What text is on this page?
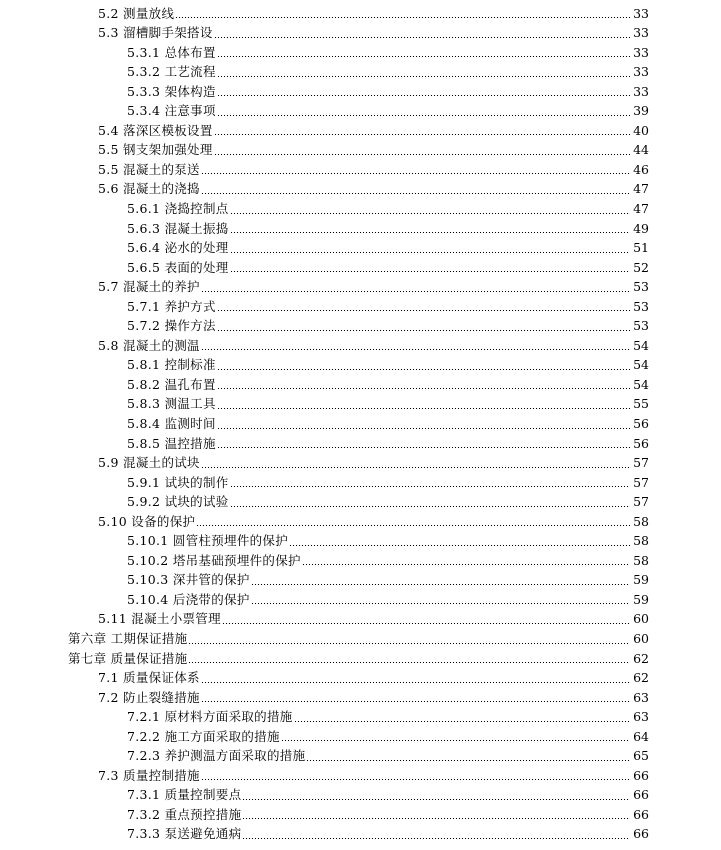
5.2 测量放线	33
5.3 溜槽脚手架搭设	33
5.3.1 总体布置	33
5.3.2 工艺流程	33
5.3.3 架体构造	33
5.3.4 注意事项	39
5.4 落深区模板设置	40
5.5 钢支架加强处理	44
5.5 混凝土的泵送	46
5.6 混凝土的浇捣	47
5.6.1 浇捣控制点	47
5.6.3 混凝土振捣	49
5.6.4 泌水的处理	51
5.6.5 表面的处理	52
5.7 混凝土的养护	53
5.7.1 养护方式	53
5.7.2 操作方法	53
5.8 混凝土的测温	54
5.8.1 控制标准	54
5.8.2 温孔布置	54
5.8.3 测温工具	55
5.8.4 监测时间	56
5.8.5 温控措施	56
5.9 混凝土的试块	57
5.9.1 试块的制作	57
5.9.2 试块的试验	57
5.10 设备的保护	58
5.10.1 圆管柱预埋件的保护	58
5.10.2 塔吊基础预埋件的保护	58
5.10.3 深井管的保护	59
5.10.4 后浇带的保护	59
5.11 混凝土小票管理	60
第六章 工期保证措施	60
第七章 质量保证措施	62
7.1 质量保证体系	62
7.2 防止裂缝措施	63
7.2.1 原材料方面采取的措施	63
7.2.2 施工方面采取的措施	64
7.2.3 养护测温方面采取的措施	65
7.3 质量控制措施	66
7.3.1 质量控制要点	66
7.3.2 重点预控措施	66
7.3.3 泵送避免通病	66
